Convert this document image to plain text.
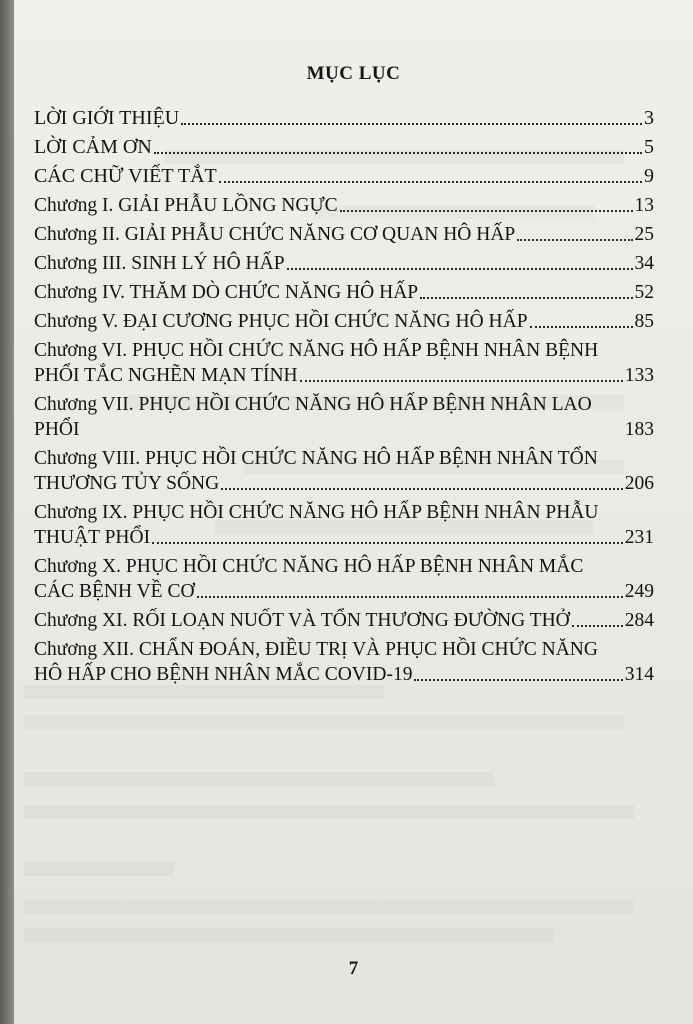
MỤC LỤC
LỜI GIỚI THIỆU	3
LỜI CẢM ƠN	5
CÁC CHỮ VIẾT TẮT	9
Chương I. GIẢI PHẪU LỒNG NGỰC	13
Chương II. GIẢI PHẪU CHỨC NĂNG CƠ QUAN HÔ HẤP	25
Chương III. SINH LÝ HÔ HẤP	34
Chương IV. THĂM DÒ CHỨC NĂNG HÔ HẤP	52
Chương V. ĐẠI CƯƠNG PHỤC HỒI CHỨC NĂNG HÔ HẤP	85
Chương VI. PHỤC HỒI CHỨC NĂNG HÔ HẤP BỆNH NHÂN BỆNH
PHỔI TẮC NGHẼN MẠN TÍNH	133
Chương VII. PHỤC HỒI CHỨC NĂNG HÔ HẤP BỆNH NHÂN LAO
PHỔI	183
Chương VIII. PHỤC HỒI CHỨC NĂNG HÔ HẤP BỆNH NHÂN TỔN
THƯƠNG TỦY SỐNG	206
Chương IX. PHỤC HỒI CHỨC NĂNG HÔ HẤP BỆNH NHÂN PHẪU
THUẬT PHỔI	231
Chương X. PHỤC HỒI CHỨC NĂNG HÔ HẤP BỆNH NHÂN MẮC
CÁC BỆNH VỀ CƠ	249
Chương XI. RỐI LOẠN NUỐT VÀ TỔN THƯƠNG ĐƯỜNG THỞ	284
Chương XII. CHẨN ĐOÁN, ĐIỀU TRỊ VÀ PHỤC HỒI CHỨC NĂNG
HÔ HẤP CHO BỆNH NHÂN MẮC COVID-19	314
7
